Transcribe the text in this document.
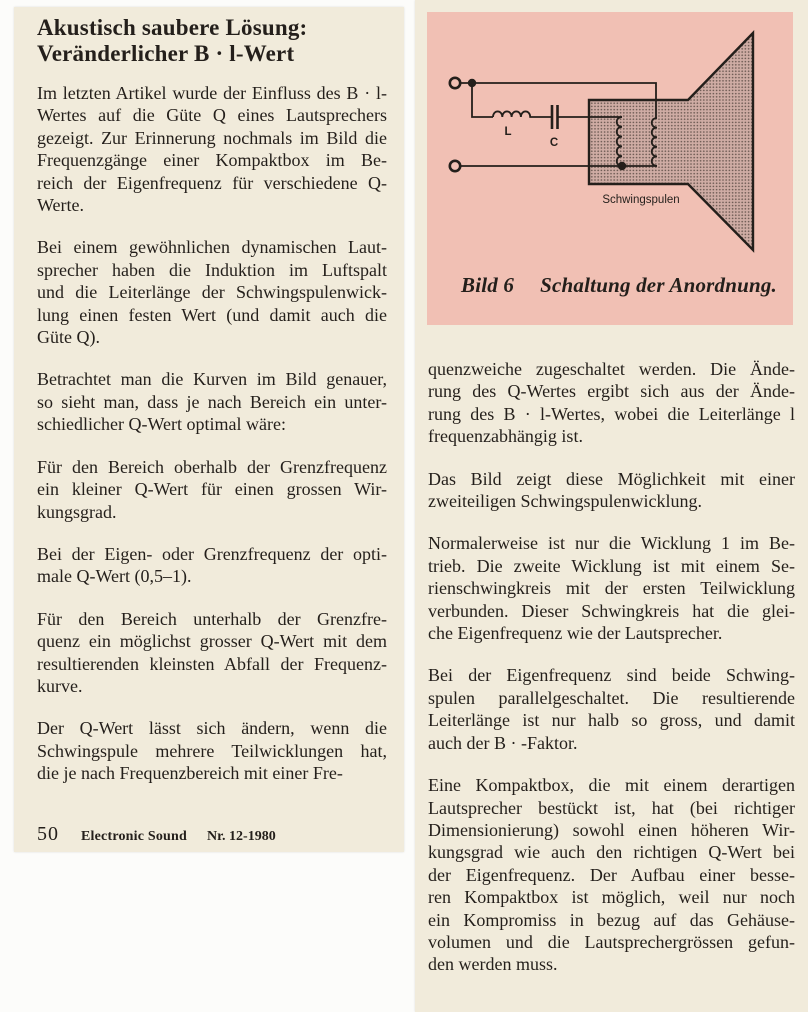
Akustisch saubere Lösung:
Veränderlicher B · l-Wert
Im letzten Artikel wurde der Einfluss des B · l-
Wertes auf die Güte Q eines Lautsprechers
gezeigt. Zur Erinnerung nochmals im Bild die
Frequenzgänge einer Kompaktbox im Be-
reich der Eigenfrequenz für verschiedene Q-
Werte.
Bei einem gewöhnlichen dynamischen Laut-
sprecher haben die Induktion im Luftspalt
und die Leiterlänge der Schwingspulenwick-
lung einen festen Wert (und damit auch die
Güte Q).
Betrachtet man die Kurven im Bild genauer,
so sieht man, dass je nach Bereich ein unter-
schiedlicher Q-Wert optimal wäre:
Für den Bereich oberhalb der Grenzfrequenz
ein kleiner Q-Wert für einen grossen Wir-
kungsgrad.
Bei der Eigen- oder Grenzfrequenz der opti-
male Q-Wert (0,5–1).
Für den Bereich unterhalb der Grenzfre-
quenz ein möglichst grosser Q-Wert mit dem
resultierenden kleinsten Abfall der Frequenz-
kurve.
Der Q-Wert lässt sich ändern, wenn die
Schwingspule mehrere Teilwicklungen hat,
die je nach Frequenzbereich mit einer Fre-
50 Electronic Sound Nr. 12-1980
L
C
Schwingspulen
Bild 6 Schaltung der Anordnung.
quenzweiche zugeschaltet werden. Die Ände-
rung des Q-Wertes ergibt sich aus der Ände-
rung des B · l-Wertes, wobei die Leiterlänge l
frequenzabhängig ist.
Das Bild zeigt diese Möglichkeit mit einer
zweiteiligen Schwingspulenwicklung.
Normalerweise ist nur die Wicklung 1 im Be-
trieb. Die zweite Wicklung ist mit einem Se-
rienschwingkreis mit der ersten Teilwicklung
verbunden. Dieser Schwingkreis hat die glei-
che Eigenfrequenz wie der Lautsprecher.
Bei der Eigenfrequenz sind beide Schwing-
spulen parallelgeschaltet. Die resultierende
Leiterlänge ist nur halb so gross, und damit
auch der B · -Faktor.
Eine Kompaktbox, die mit einem derartigen
Lautsprecher bestückt ist, hat (bei richtiger
Dimensionierung) sowohl einen höheren Wir-
kungsgrad wie auch den richtigen Q-Wert bei
der Eigenfrequenz. Der Aufbau einer besse-
ren Kompaktbox ist möglich, weil nur noch
ein Kompromiss in bezug auf das Gehäuse-
volumen und die Lautsprechergrössen gefun-
den werden muss.
